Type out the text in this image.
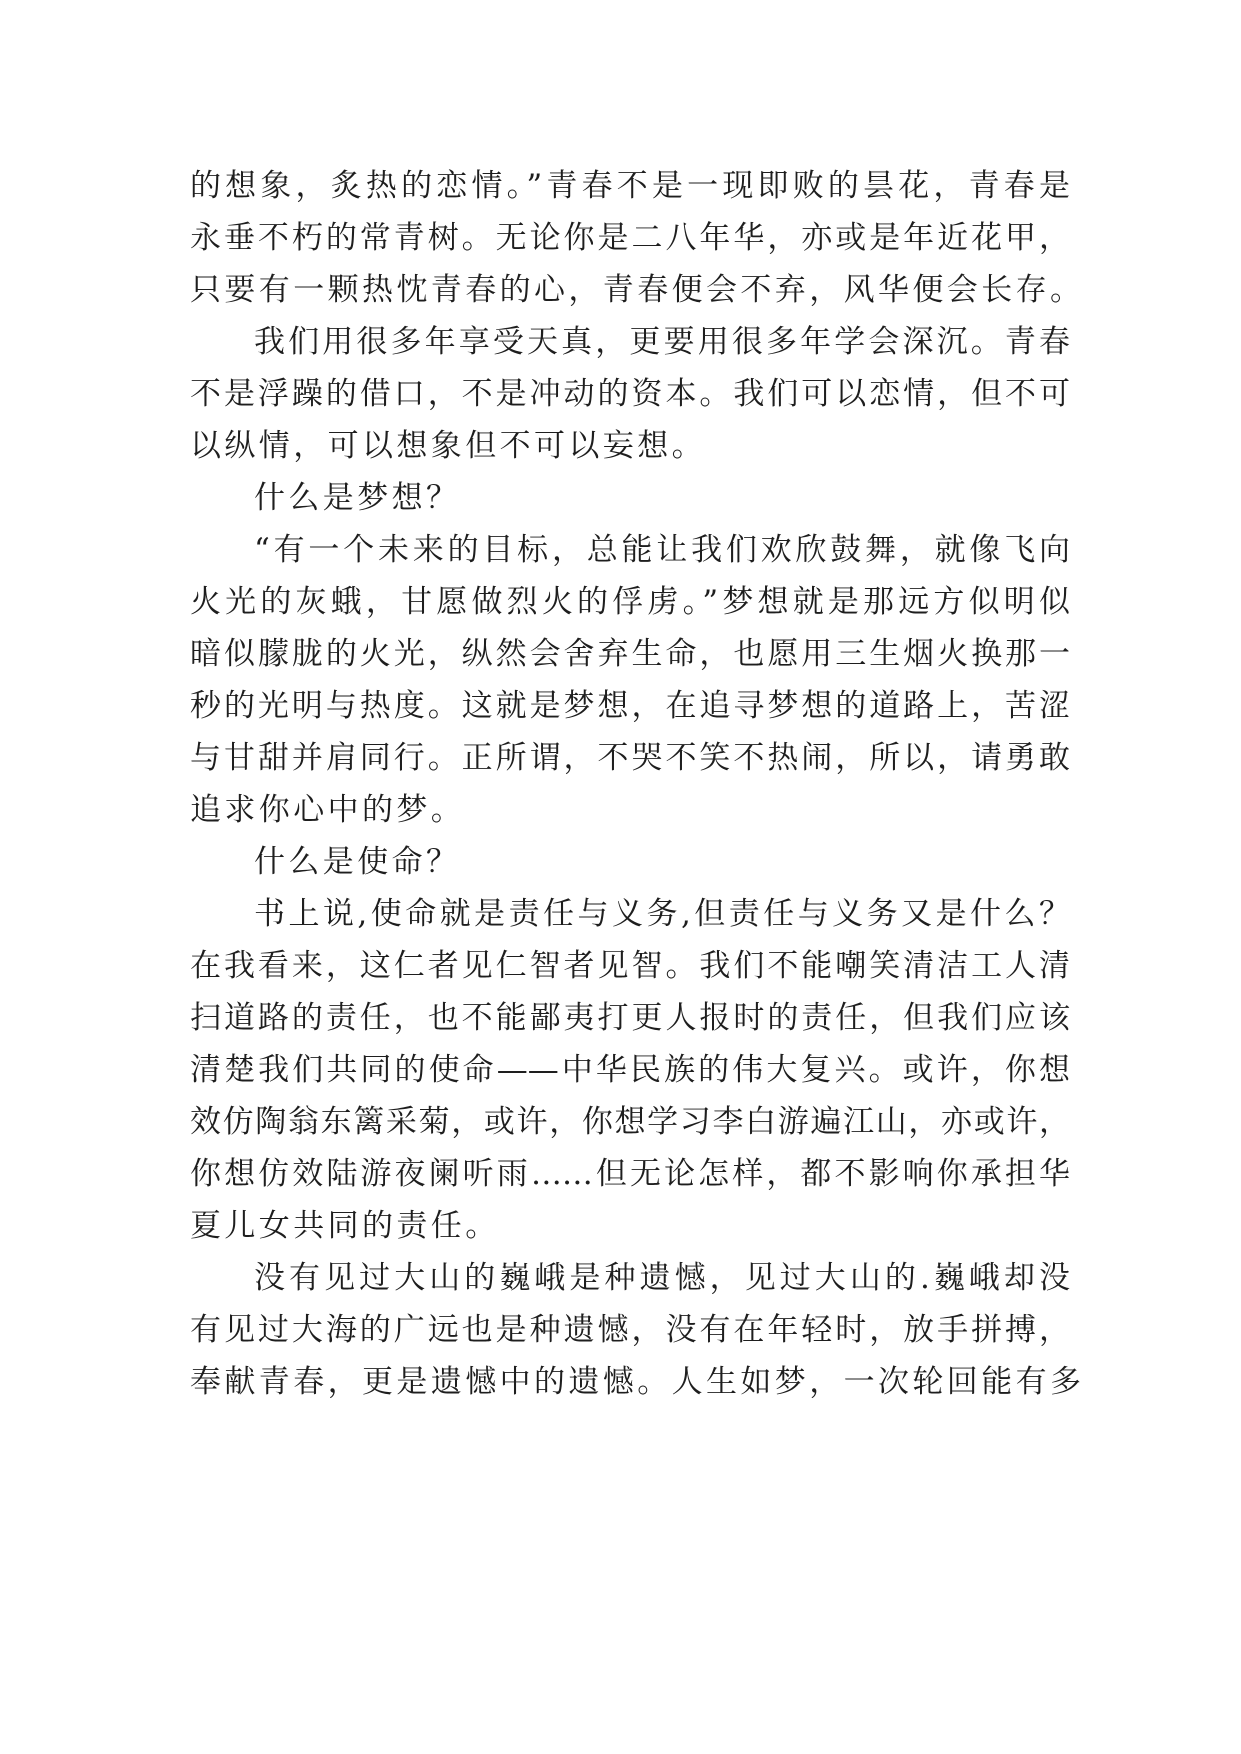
的想象，炙热的恋情。”青春不是一现即败的昙花，青春是
永垂不朽的常青树。无论你是二八年华，亦或是年近花甲，
只要有一颗热忱青春的心，青春便会不弃，风华便会长存。
我们用很多年享受天真，更要用很多年学会深沉。青春
不是浮躁的借口，不是冲动的资本。我们可以恋情，但不可
以纵情，可以想象但不可以妄想。
什么是梦想？
“有一个未来的目标，总能让我们欢欣鼓舞，就像飞向
火光的灰蛾，甘愿做烈火的俘虏。”梦想就是那远方似明似
暗似朦胧的火光，纵然会舍弃生命，也愿用三生烟火换那一
秒的光明与热度。这就是梦想，在追寻梦想的道路上，苦涩
与甘甜并肩同行。正所谓，不哭不笑不热闹，所以，请勇敢
追求你心中的梦。
什么是使命？
书上说,使命就是责任与义务,但责任与义务又是什么？
在我看来，这仁者见仁智者见智。我们不能嘲笑清洁工人清
扫道路的责任，也不能鄙夷打更人报时的责任，但我们应该
清楚我们共同的使命——中华民族的伟大复兴。或许，你想
效仿陶翁东篱采菊，或许，你想学习李白游遍江山，亦或许，
你想仿效陆游夜阑听雨……但无论怎样，都不影响你承担华
夏儿女共同的责任。
没有见过大山的巍峨是种遗憾，见过大山的.巍峨却没
有见过大海的广远也是种遗憾，没有在年轻时，放手拼搏，
奉献青春，更是遗憾中的遗憾。人生如梦，一次轮回能有多
